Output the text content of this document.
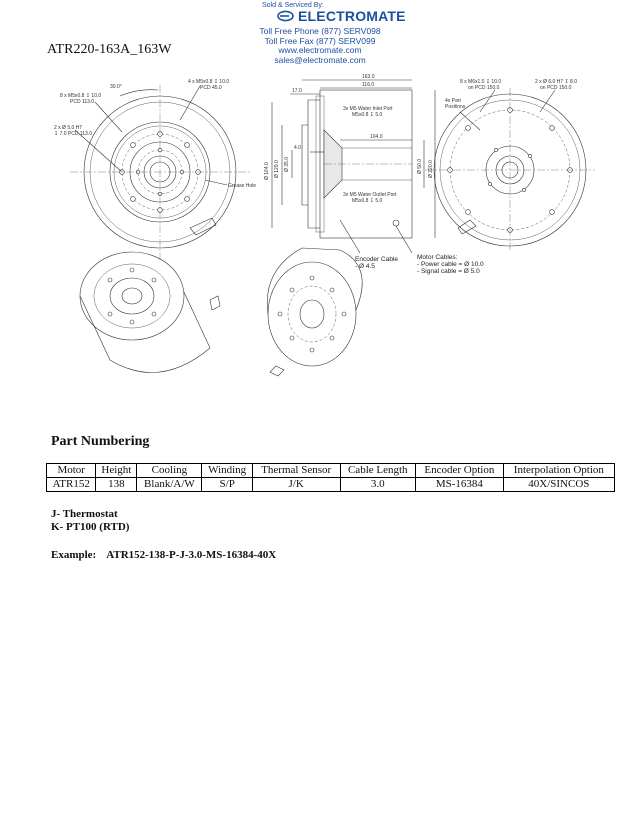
Sold & Serviced By:
ELECTROMATE
Toll Free Phone (877) SERV098
Toll Free Fax (877) SERV099
www.electromate.com
sales@electromate.com
ATR220-163A_163W
30.0°
8 x M5x0.8 ↧ 10.0
PCD 113.0
4 x M5x0.8 ↧ 10.0
PCD 45.0
2 x Ø 5.0 H7
↧ 7.0 PCD 113.0
Grease Hole
163.0
116.0
17.0
4.0
104.0
Ø 164.0 Ø 129.0 Ø 35.0	Ø 50.0 Ø 220.0
3x M5 Water Inlet Port
M5x0.8 ↧ 5.0
3x M5 Water Outlet Port
M5x0.8 ↧ 5.0
Encoder Cable
- Ø 4.5
Motor Cables:
- Power cable = Ø 10.0
- Signal cable = Ø 5.0
8 x M6x1.0 ↧ 10.0
on PCD 150.0
2 x Ø 6.0 H7 ↧ 8.0
on PCD 150.0
4x Part
Positions
Part Numbering
Motor	Height	Cooling	Winding	Thermal Sensor	Cable Length	Encoder Option	Interpolation Option
ATR152	138	Blank/A/W	S/P	J/K	3.0	MS-16384	40X/SINCOS
J- Thermostat
K- PT100 (RTD)
Example: ATR152-138-P-J-3.0-MS-16384-40X
